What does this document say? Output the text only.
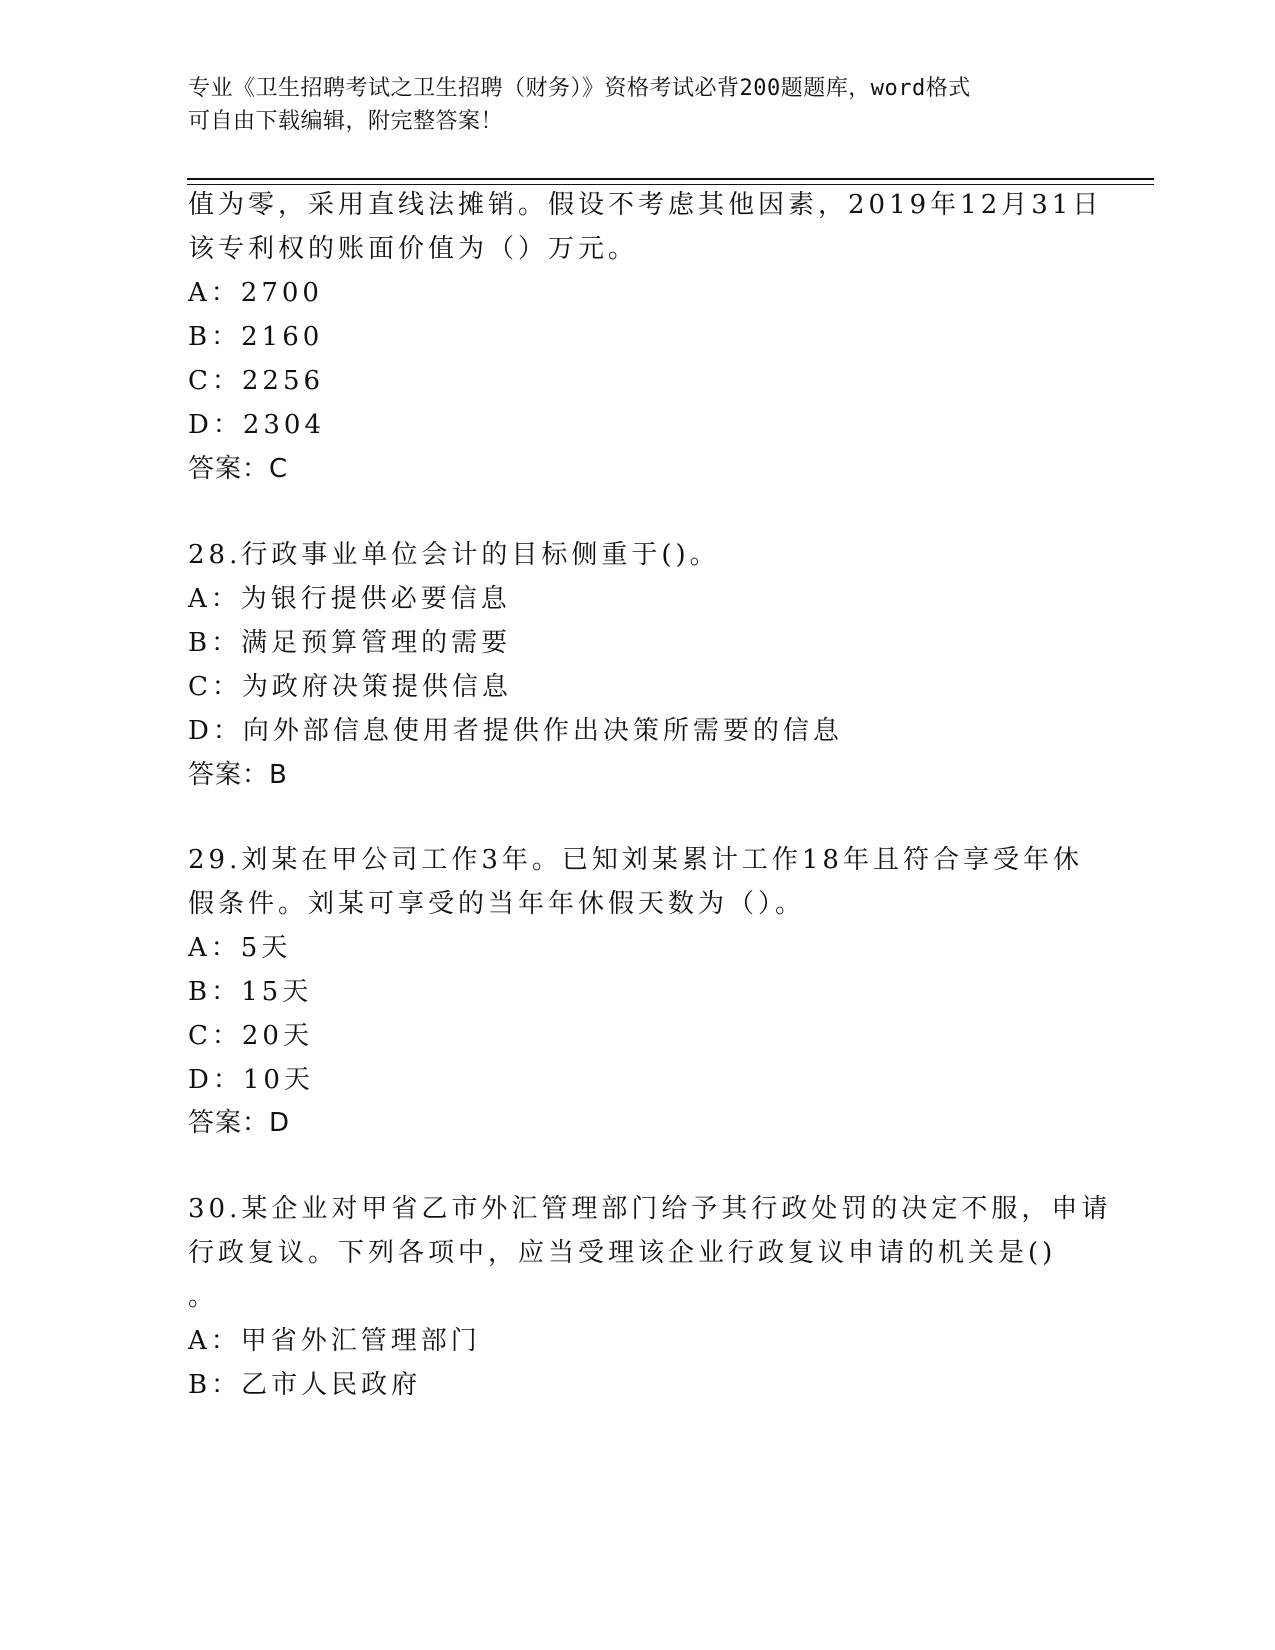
专业《卫生招聘考试之卫生招聘（财务）》资格考试必背200题题库，word格式
可自由下载编辑，附完整答案！
值为零，采用直线法摊销。假设不考虑其他因素，2019年12月31日
该专利权的账面价值为（）万元。
A：2700
B：2160
C：2256
D：2304
答案：C
28.行政事业单位会计的目标侧重于()。
A：为银行提供必要信息
B：满足预算管理的需要
C：为政府决策提供信息
D：向外部信息使用者提供作出决策所需要的信息
答案：B
29.刘某在甲公司工作3年。已知刘某累计工作18年且符合享受年休
假条件。刘某可享受的当年年休假天数为（）。
A：5天
B：15天
C：20天
D：10天
答案：D
30.某企业对甲省乙市外汇管理部门给予其行政处罚的决定不服，申请
行政复议。下列各项中，应当受理该企业行政复议申请的机关是()
。
A：甲省外汇管理部门
B：乙市人民政府
